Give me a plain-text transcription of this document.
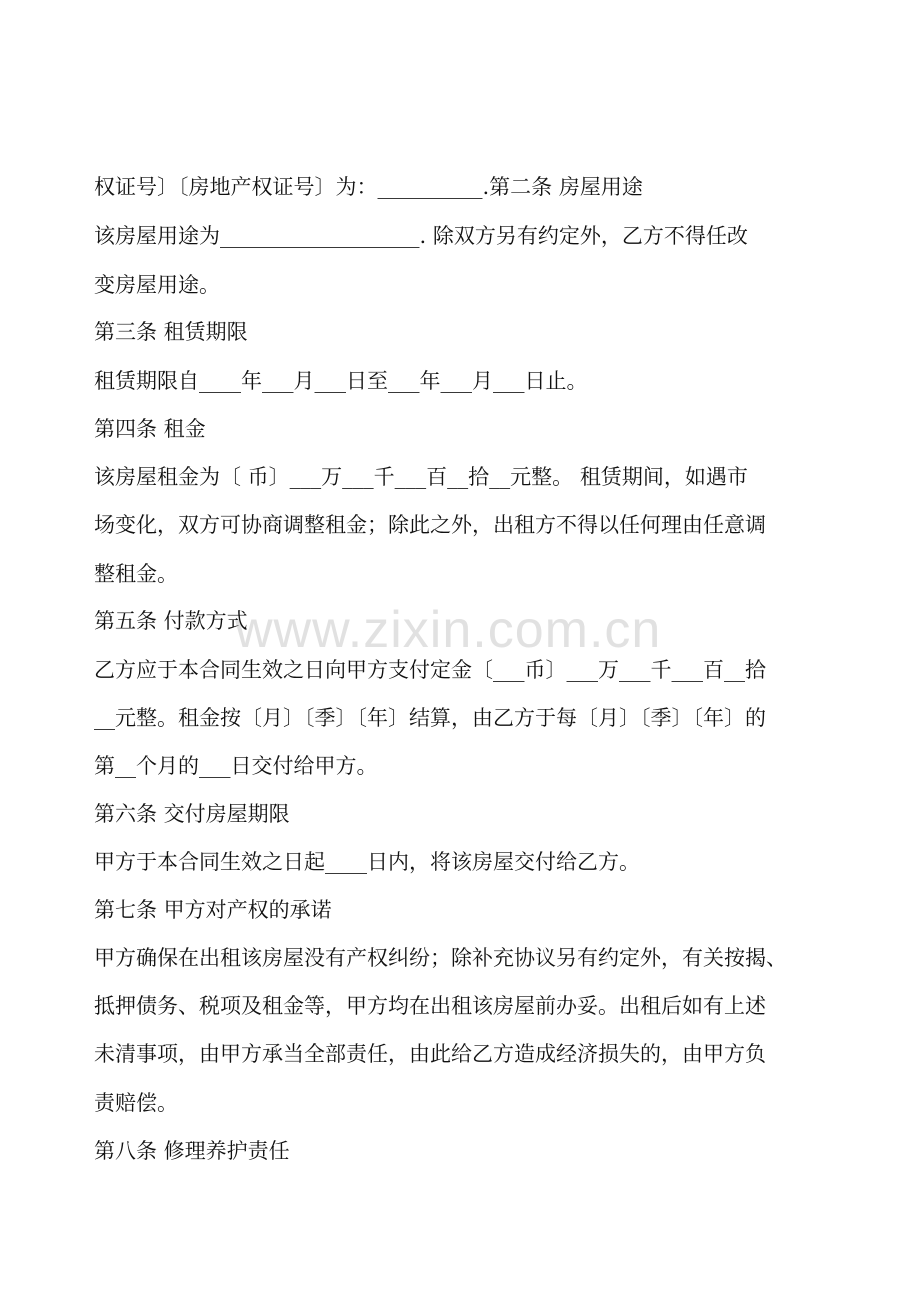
权证号〕〔房地产权证号〕为：__________.第二条 房屋用途

该房屋用途为___________________. 除双方另有约定外，乙方不得任改

变房屋用途。

第三条 租赁期限

租赁期限自____年___月___日至___年___月___日止。

第四条 租金

该房屋租金为〔 币〕___万___千___百__拾__元整。 租赁期间，如遇市

场变化，双方可协商调整租金；除此之外，出租方不得以任何理由任意调

整租金。

第五条 付款方式

乙方应于本合同生效之日向甲方支付定金〔___币〕___万___千___百__拾

__元整。租金按〔月〕〔季〕〔年〕结算，由乙方于每〔月〕〔季〕〔年〕的

第__个月的___日交付给甲方。

第六条 交付房屋期限

甲方于本合同生效之日起____日内，将该房屋交付给乙方。

第七条 甲方对产权的承诺

甲方确保在出租该房屋没有产权纠纷；除补充协议另有约定外，有关按揭、

抵押债务、税项及租金等，甲方均在出租该房屋前办妥。出租后如有上述

未清事项，由甲方承当全部责任，由此给乙方造成经济损失的，由甲方负

责赔偿。

第八条 修理养护责任

www.zixin.com.cn
